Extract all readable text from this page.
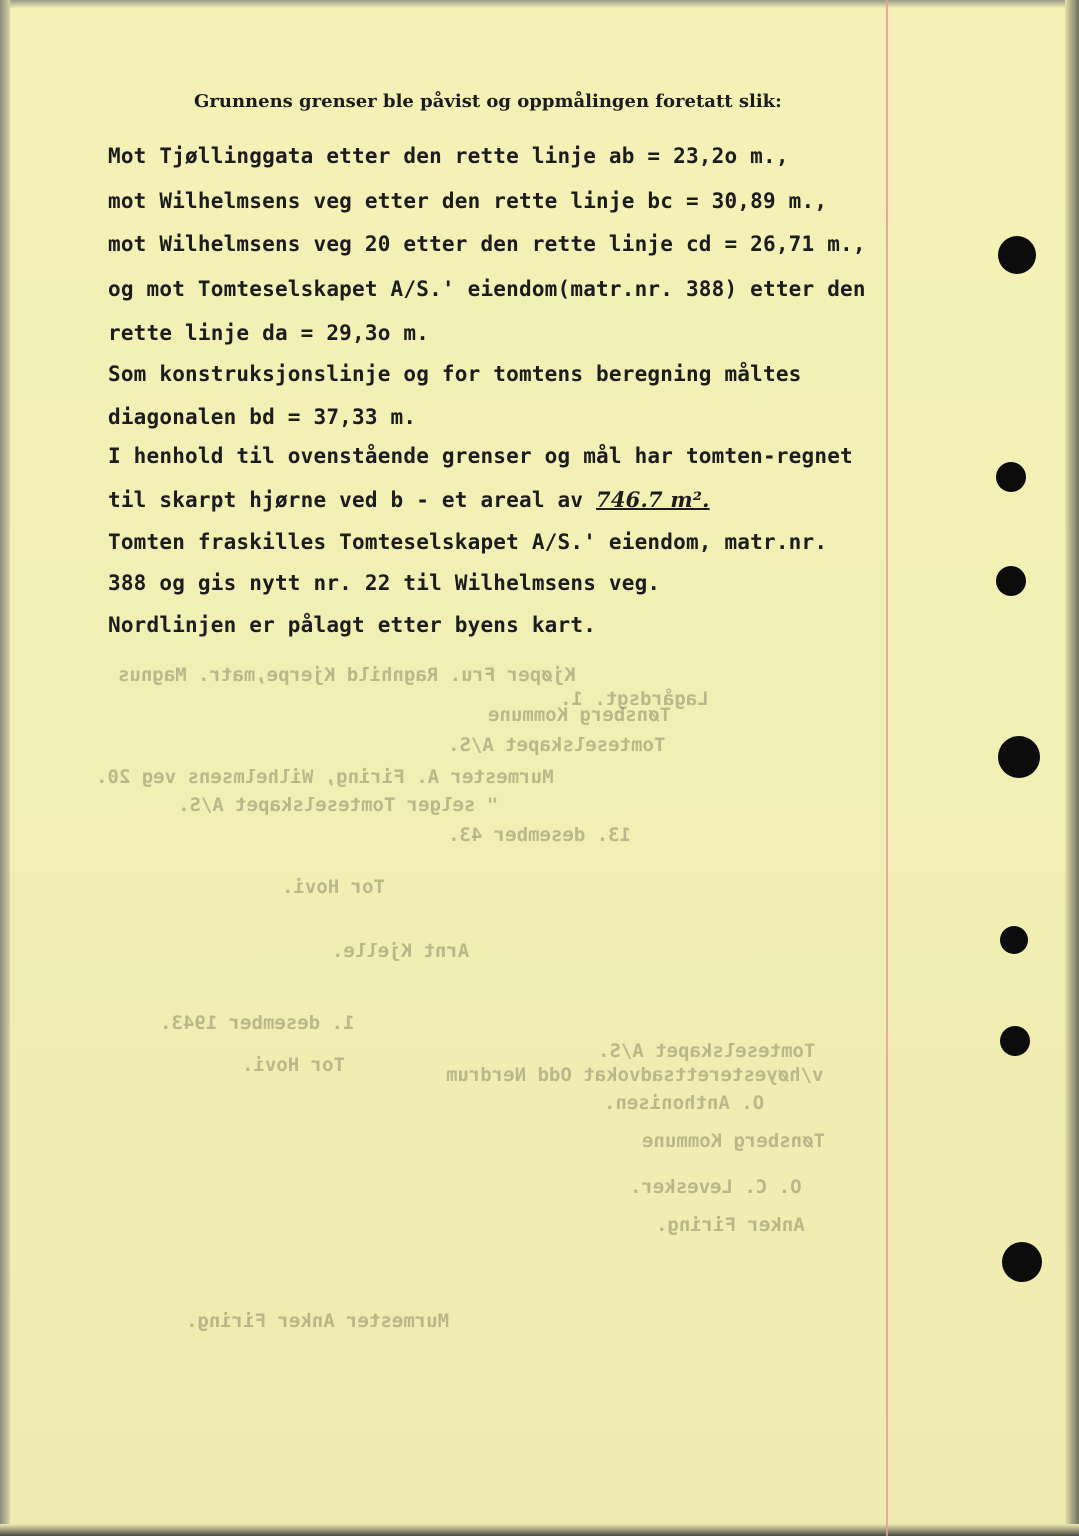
Kjøper Fru. Ragnhild Kjerpe,matr. Magnus
Lagårdsgt. 1.
Tønsberg Kommune
Tomteselskapet A/S.
Murmester A. Firing, Wilhelmsens veg 20.
" selger Tomteselskapet A/S.
13. desember 43.
Tor Hovi.
Arnt Kjelle.
1. desember 1943.
Tor Hovi.
Tomteselskapet A/S.
v/høyesterettsadvokat Odd Nerdrum
O. Anthonisen.
Tønsberg Kommune
O. C. Levesker.
Anker Firing.
Murmester Anker Firing.
Grunnens grenser ble påvist og oppmålingen foretatt slik:
Mot Tjøllinggata etter den rette linje ab = 23,2o m.,
mot Wilhelmsens veg etter den rette linje bc = 30,89 m.,
mot Wilhelmsens veg 20 etter den rette linje cd = 26,71 m.,
og mot Tomteselskapet A/S.' eiendom(matr.nr. 388) etter den
rette linje da = 29,3o m.
Som konstruksjonslinje og for tomtens beregning måltes
diagonalen bd = 37,33 m.
I henhold til ovenstående grenser og mål har tomten-regnet
til skarpt hjørne ved b - et areal av 746.7 m².
Tomten fraskilles Tomteselskapet A/S.' eiendom, matr.nr.
388 og gis nytt nr. 22 til Wilhelmsens veg.
Nordlinjen er pålagt etter byens kart.
